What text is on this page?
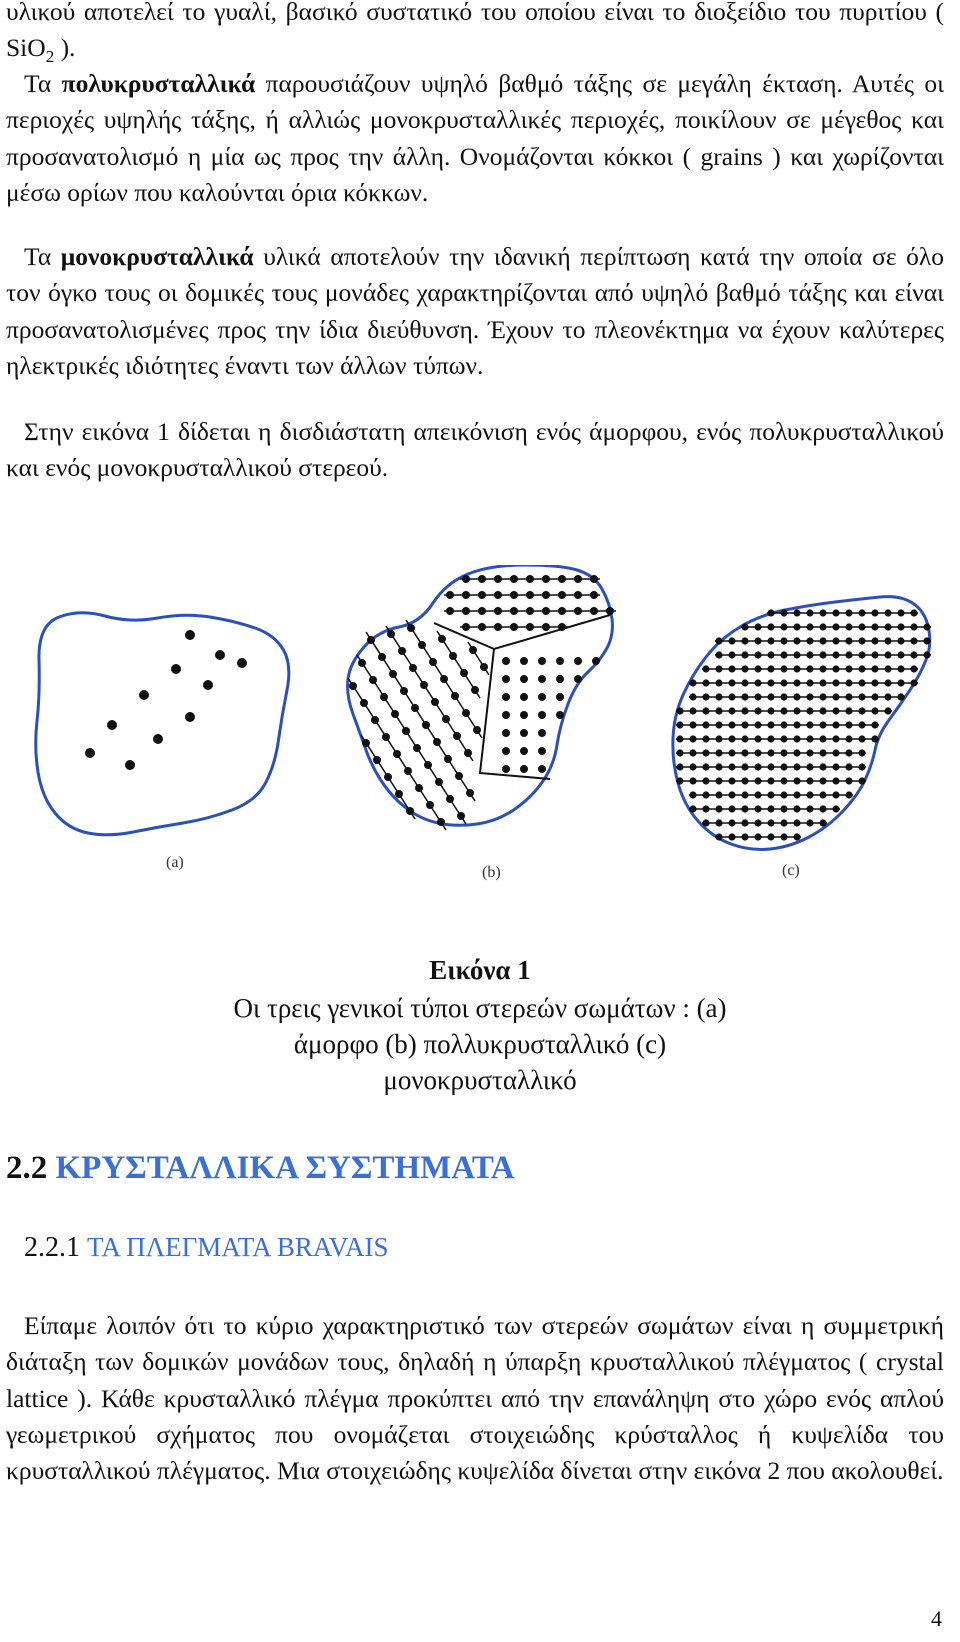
υλικού αποτελεί το γυαλί, βασικό συστατικό του οποίου είναι το διοξείδιο του πυριτίου ( SiO$_2$ ).

Τα πολυκρυσταλλικά παρουσιάζουν υψηλό βαθμό τάξης σε μεγάλη έκταση. Αυτές οι περιοχές υψηλής τάξης, ή αλλιώς μονοκρυσταλλικές περιοχές, ποικίλουν σε μέγεθος και προσανατολισμό η μία ως προς την άλλη. Ονομάζονται κόκκοι ( grains ) και χωρίζονται μέσω ορίων που καλούνται όρια κόκκων.

Τα μονοκρυσταλλικά υλικά αποτελούν την ιδανική περίπτωση κατά την οποία σε όλο τον όγκο τους οι δομικές τους μονάδες χαρακτηρίζονται από υψηλό βαθμό τάξης και είναι προσανατολισμένες προς την ίδια διεύθυνση. Έχουν το πλεονέκτημα να έχουν καλύτερες ηλεκτρικές ιδιότητες έναντι των άλλων τύπων.

Στην εικόνα 1 δίδεται η δισδιάστατη απεικόνιση ενός άμορφου, ενός πολυκρυσταλλικού και ενός μονοκρυσταλλικού στερεού.

(a)
(b)	(c)

Εικόνα 1

Οι τρεις γενικοί τύποι στερεών σωμάτων : (a) άμορφο (b) πολλυκρυσταλλικό (c) μονοκρυσταλλικό

2.2 ΚΡΥΣΤΑΛΛΙΚΑ ΣΥΣΤΗΜΑΤΑ

2.2.1 ΤΑ ΠΛΕΓΜΑΤΑ BRAVAIS

Είπαμε λοιπόν ότι το κύριο χαρακτηριστικό των στερεών σωμάτων είναι η συμμετρική διάταξη των δομικών μονάδων τους, δηλαδή η ύπαρξη κρυσταλλικού πλέγματος ( crystal lattice ). Κάθε κρυσταλλικό πλέγμα προκύπτει από την επανάληψη στο χώρο ενός απλού γεωμετρικού σχήματος που ονομάζεται στοιχειώδης κρύσταλλος ή κυψελίδα του κρυσταλλικού πλέγματος. Μια στοιχειώδης κυψελίδα δίνεται στην εικόνα 2 που ακολουθεί.

4
